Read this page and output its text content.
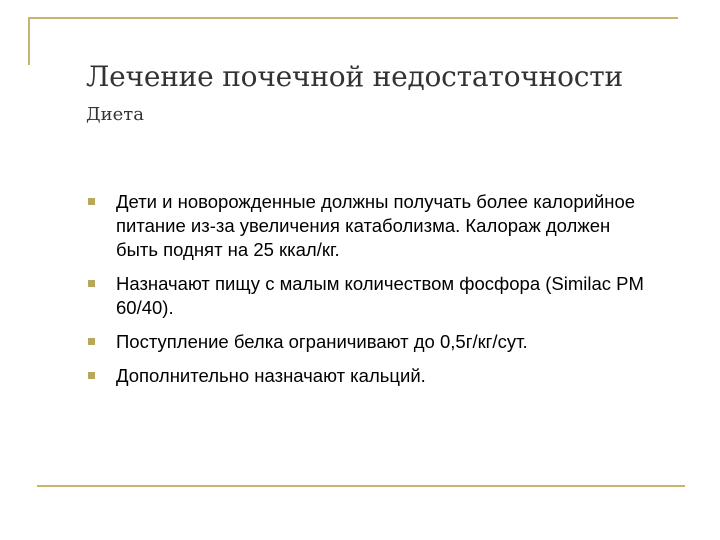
Лечение почечной недостаточности
Диета
Дети и новорожденные должны получать более калорийное питание из-за увеличения катаболизма. Калораж должен быть поднят на 25 ккал/кг.
Назначают пищу с малым количеством фосфора (Similac PM 60/40).
Поступление белка ограничивают до 0,5г/кг/сут.
Дополнительно назначают кальций.
